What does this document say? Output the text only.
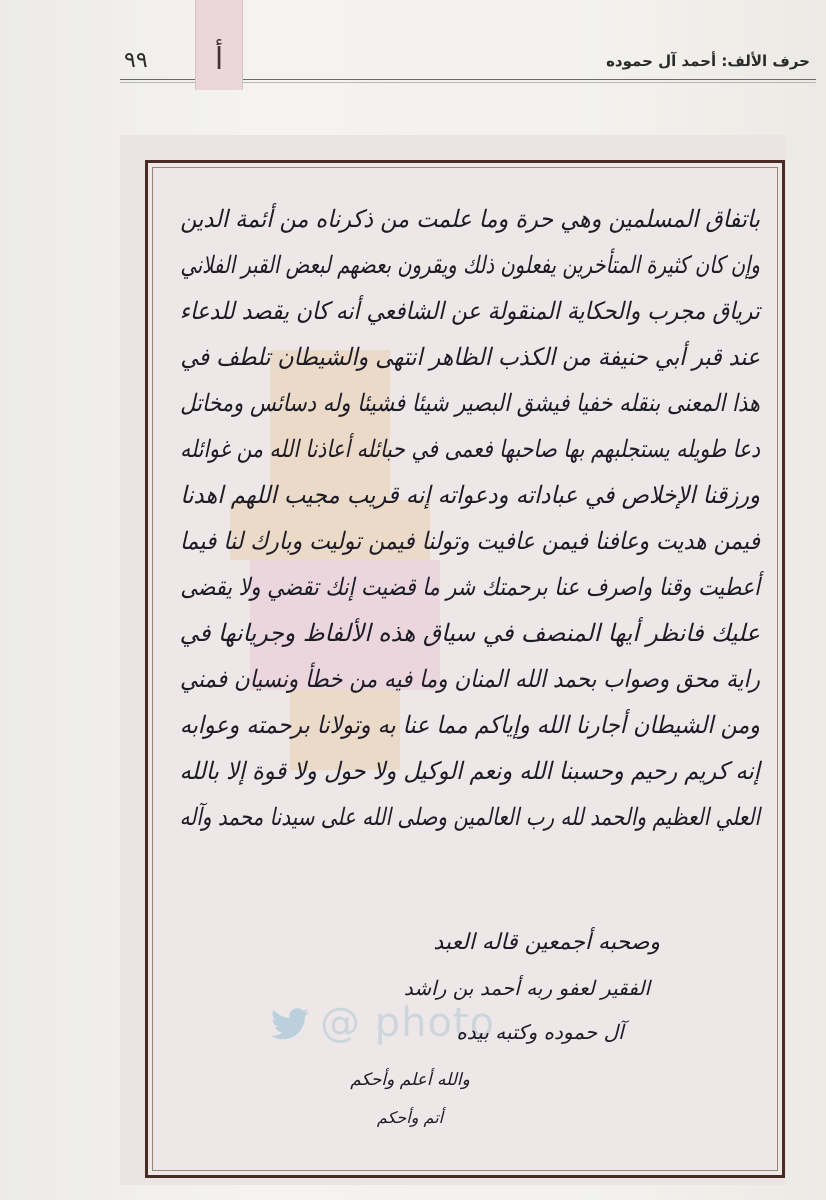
٩٩	حرف الألف: أحمد آل حموده
أ
@ photo
باتفاق المسلمين وهي حرة وما علمت من ذكرناه من أئمة الدين
وإن كان كثيرة المتأخرين يفعلون ذلك ويقرون بعضهم لبعض القبر الفلاني
ترياق مجرب والحكاية المنقولة عن الشافعي أنه كان يقصد للدعاء
عند قبر أبي حنيفة من الكذب الظاهر انتهى والشيطان تلطف في
هذا المعنى بنقله خفيا فيشق البصير شيئا فشيئا وله دسائس ومخاتل
دعا طويله يستجلبهم بها صاحبها فعمى في حبائله أعاذنا الله من غوائله
ورزقنا الإخلاص في عباداته ودعواته إنه قريب مجيب اللهم اهدنا
فيمن هديت وعافنا فيمن عافيت وتولنا فيمن توليت وبارك لنا فيما
أعطيت وقنا واصرف عنا برحمتك شر ما قضيت إنك تقضي ولا يقضى
عليك فانظر أيها المنصف في سياق هذه الألفاظ وجريانها في
راية محق وصواب بحمد الله المنان وما فيه من خطأ ونسيان فمني
ومن الشيطان أجارنا الله وإياكم مما عنا به وتولانا برحمته وعوابه
إنه كريم رحيم وحسبنا الله ونعم الوكيل ولا حول ولا قوة إلا بالله
العلي العظيم والحمد لله رب العالمين وصلى الله على سيدنا محمد وآله
وصحبه أجمعين قاله العبد
الفقير لعفو ربه أحمد بن راشد
آل حموده وكتبه بيده
والله أعلم وأحكم
أتم وأحكم
